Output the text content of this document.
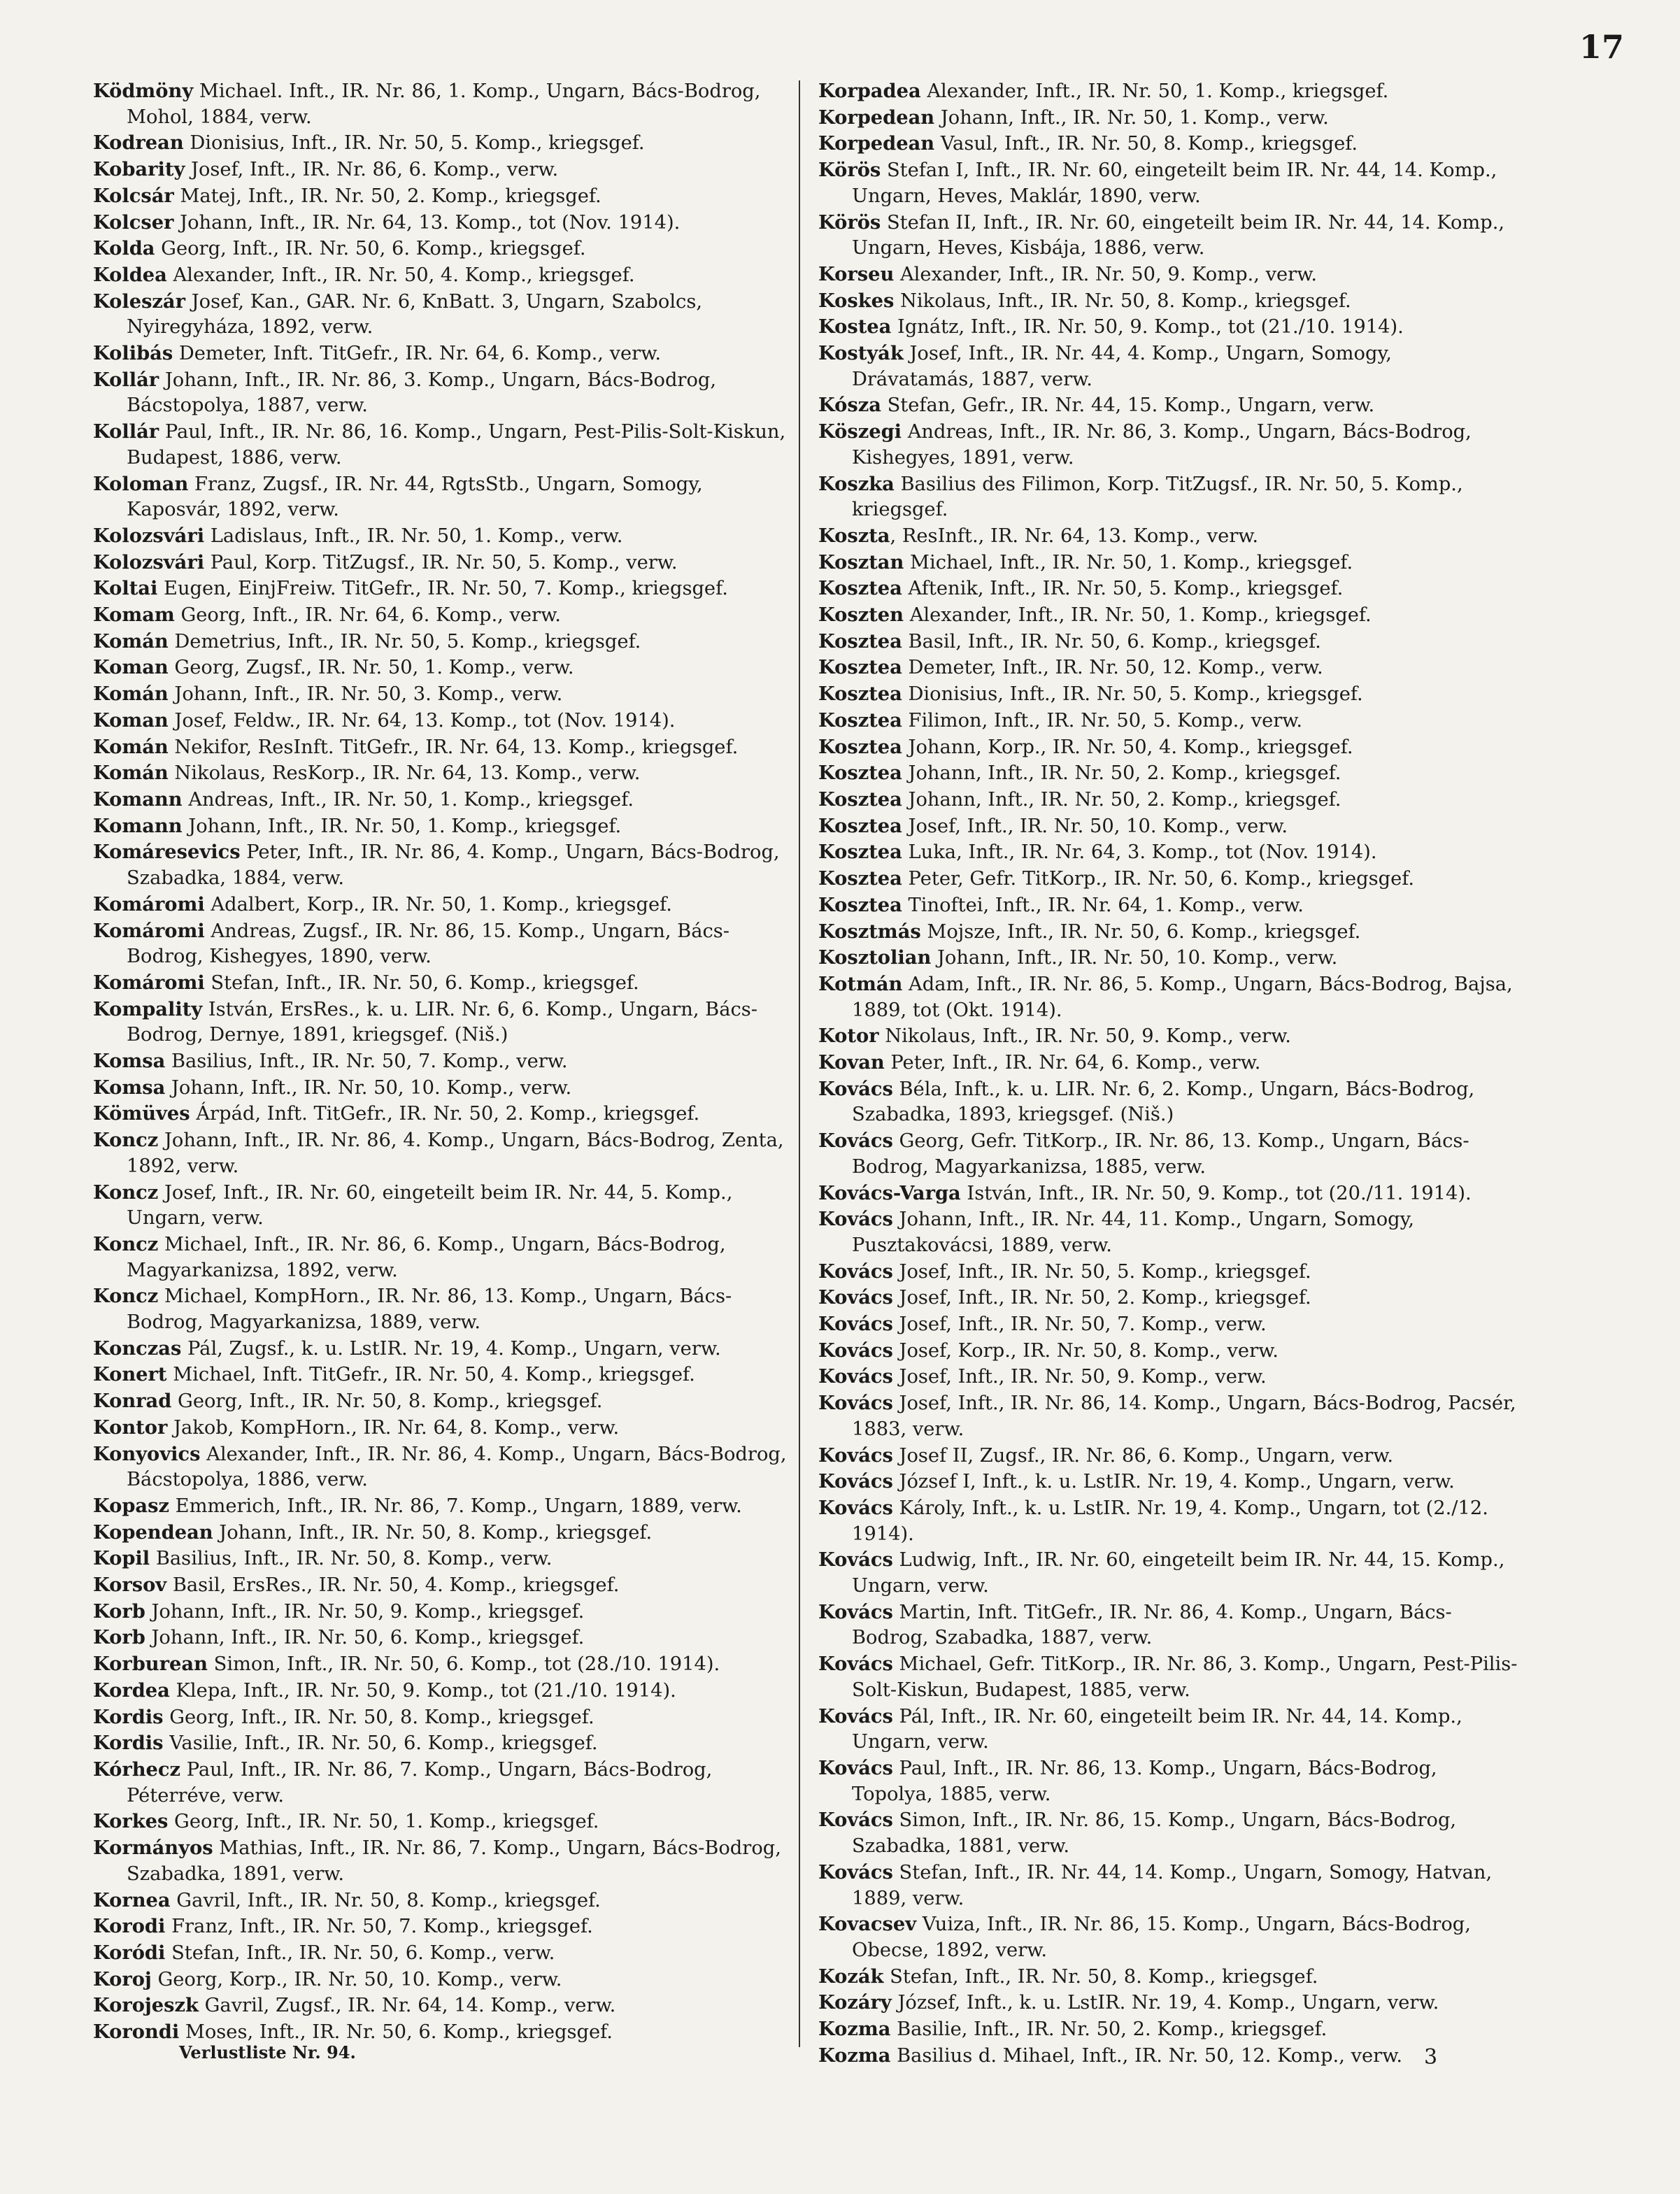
17
Ködmöny Michael. Inft., IR. Nr. 86, 1. Komp., Ungarn, Bács-Bodrog, Mohol, 1884, verw.
Kodrean Dionisius, Inft., IR. Nr. 50, 5. Komp., kriegsgef.
Kobarity Josef, Inft., IR. Nr. 86, 6. Komp., verw.
Kolcsár Matej, Inft., IR. Nr. 50, 2. Komp., kriegsgef.
Kolcser Johann, Inft., IR. Nr. 64, 13. Komp., tot (Nov. 1914).
Kolda Georg, Inft., IR. Nr. 50, 6. Komp., kriegsgef.
Koldea Alexander, Inft., IR. Nr. 50, 4. Komp., kriegsgef.
Koleszár Josef, Kan., GAR. Nr. 6, KnBatt. 3, Ungarn, Szabolcs, Nyiregyháza, 1892, verw.
Kolibás Demeter, Inft. TitGefr., IR. Nr. 64, 6. Komp., verw.
Kollár Johann, Inft., IR. Nr. 86, 3. Komp., Ungarn, Bács-Bodrog, Bácstopolya, 1887, verw.
Kollár Paul, Inft., IR. Nr. 86, 16. Komp., Ungarn, Pest-Pilis-Solt-Kiskun, Budapest, 1886, verw.
Koloman Franz, Zugsf., IR. Nr. 44, RgtsStb., Ungarn, Somogy, Kaposvár, 1892, verw.
Kolozsvári Ladislaus, Inft., IR. Nr. 50, 1. Komp., verw.
Kolozsvári Paul, Korp. TitZugsf., IR. Nr. 50, 5. Komp., verw.
Koltai Eugen, EinjFreiw. TitGefr., IR. Nr. 50, 7. Komp., kriegsgef.
Komam Georg, Inft., IR. Nr. 64, 6. Komp., verw.
Komán Demetrius, Inft., IR. Nr. 50, 5. Komp., kriegsgef.
Koman Georg, Zugsf., IR. Nr. 50, 1. Komp., verw.
Komán Johann, Inft., IR. Nr. 50, 3. Komp., verw.
Koman Josef, Feldw., IR. Nr. 64, 13. Komp., tot (Nov. 1914).
Komán Nekifor, ResInft. TitGefr., IR. Nr. 64, 13. Komp., kriegsgef.
Komán Nikolaus, ResKorp., IR. Nr. 64, 13. Komp., verw.
Komann Andreas, Inft., IR. Nr. 50, 1. Komp., kriegsgef.
Komann Johann, Inft., IR. Nr. 50, 1. Komp., kriegsgef.
Komáresevics Peter, Inft., IR. Nr. 86, 4. Komp., Ungarn, Bács-Bodrog, Szabadka, 1884, verw.
Komáromi Adalbert, Korp., IR. Nr. 50, 1. Komp., kriegsgef.
Komáromi Andreas, Zugsf., IR. Nr. 86, 15. Komp., Ungarn, Bács-Bodrog, Kishegyes, 1890, verw.
Komáromi Stefan, Inft., IR. Nr. 50, 6. Komp., kriegsgef.
Kompality István, ErsRes., k. u. LIR. Nr. 6, 6. Komp., Ungarn, Bács-Bodrog, Dernye, 1891, kriegsgef. (Niš.)
Komsa Basilius, Inft., IR. Nr. 50, 7. Komp., verw.
Komsa Johann, Inft., IR. Nr. 50, 10. Komp., verw.
Kömüves Árpád, Inft. TitGefr., IR. Nr. 50, 2. Komp., kriegsgef.
Koncz Johann, Inft., IR. Nr. 86, 4. Komp., Ungarn, Bács-Bodrog, Zenta, 1892, verw.
Koncz Josef, Inft., IR. Nr. 60, eingeteilt beim IR. Nr. 44, 5. Komp., Ungarn, verw.
Koncz Michael, Inft., IR. Nr. 86, 6. Komp., Ungarn, Bács-Bodrog, Magyarkanizsa, 1892, verw.
Koncz Michael, KompHorn., IR. Nr. 86, 13. Komp., Ungarn, Bács-Bodrog, Magyarkanizsa, 1889, verw.
Konczas Pál, Zugsf., k. u. LstIR. Nr. 19, 4. Komp., Ungarn, verw.
Konert Michael, Inft. TitGefr., IR. Nr. 50, 4. Komp., kriegsgef.
Konrad Georg, Inft., IR. Nr. 50, 8. Komp., kriegsgef.
Kontor Jakob, KompHorn., IR. Nr. 64, 8. Komp., verw.
Konyovics Alexander, Inft., IR. Nr. 86, 4. Komp., Ungarn, Bács-Bodrog, Bácstopolya, 1886, verw.
Kopasz Emmerich, Inft., IR. Nr. 86, 7. Komp., Ungarn, 1889, verw.
Kopendean Johann, Inft., IR. Nr. 50, 8. Komp., kriegsgef.
Kopil Basilius, Inft., IR. Nr. 50, 8. Komp., verw.
Korsov Basil, ErsRes., IR. Nr. 50, 4. Komp., kriegsgef.
Korb Johann, Inft., IR. Nr. 50, 9. Komp., kriegsgef.
Korb Johann, Inft., IR. Nr. 50, 6. Komp., kriegsgef.
Korburean Simon, Inft., IR. Nr. 50, 6. Komp., tot (28./10. 1914).
Kordea Klepa, Inft., IR. Nr. 50, 9. Komp., tot (21./10. 1914).
Kordis Georg, Inft., IR. Nr. 50, 8. Komp., kriegsgef.
Kordis Vasilie, Inft., IR. Nr. 50, 6. Komp., kriegsgef.
Kórhecz Paul, Inft., IR. Nr. 86, 7. Komp., Ungarn, Bács-Bodrog, Péterréve, verw.
Korkes Georg, Inft., IR. Nr. 50, 1. Komp., kriegsgef.
Kormányos Mathias, Inft., IR. Nr. 86, 7. Komp., Ungarn, Bács-Bodrog, Szabadka, 1891, verw.
Kornea Gavril, Inft., IR. Nr. 50, 8. Komp., kriegsgef.
Korodi Franz, Inft., IR. Nr. 50, 7. Komp., kriegsgef.
Koródi Stefan, Inft., IR. Nr. 50, 6. Komp., verw.
Koroj Georg, Korp., IR. Nr. 50, 10. Komp., verw.
Korojeszk Gavril, Zugsf., IR. Nr. 64, 14. Komp., verw.
Korondi Moses, Inft., IR. Nr. 50, 6. Komp., kriegsgef.
Korpadea Alexander, Inft., IR. Nr. 50, 1. Komp., kriegsgef.
Korpedean Johann, Inft., IR. Nr. 50, 1. Komp., verw.
Korpedean Vasul, Inft., IR. Nr. 50, 8. Komp., kriegsgef.
Körös Stefan I, Inft., IR. Nr. 60, eingeteilt beim IR. Nr. 44, 14. Komp., Ungarn, Heves, Maklár, 1890, verw.
Körös Stefan II, Inft., IR. Nr. 60, eingeteilt beim IR. Nr. 44, 14. Komp., Ungarn, Heves, Kisbája, 1886, verw.
Korseu Alexander, Inft., IR. Nr. 50, 9. Komp., verw.
Koskes Nikolaus, Inft., IR. Nr. 50, 8. Komp., kriegsgef.
Kostea Ignátz, Inft., IR. Nr. 50, 9. Komp., tot (21./10. 1914).
Kostyák Josef, Inft., IR. Nr. 44, 4. Komp., Ungarn, Somogy, Drávatamás, 1887, verw.
Kósza Stefan, Gefr., IR. Nr. 44, 15. Komp., Ungarn, verw.
Köszegi Andreas, Inft., IR. Nr. 86, 3. Komp., Ungarn, Bács-Bodrog, Kishegyes, 1891, verw.
Koszka Basilius des Filimon, Korp. TitZugsf., IR. Nr. 50, 5. Komp., kriegsgef.
Koszta, ResInft., IR. Nr. 64, 13. Komp., verw.
Kosztan Michael, Inft., IR. Nr. 50, 1. Komp., kriegsgef.
Kosztea Aftenik, Inft., IR. Nr. 50, 5. Komp., kriegsgef.
Koszten Alexander, Inft., IR. Nr. 50, 1. Komp., kriegsgef.
Kosztea Basil, Inft., IR. Nr. 50, 6. Komp., kriegsgef.
Kosztea Demeter, Inft., IR. Nr. 50, 12. Komp., verw.
Kosztea Dionisius, Inft., IR. Nr. 50, 5. Komp., kriegsgef.
Kosztea Filimon, Inft., IR. Nr. 50, 5. Komp., verw.
Kosztea Johann, Korp., IR. Nr. 50, 4. Komp., kriegsgef.
Kosztea Johann, Inft., IR. Nr. 50, 2. Komp., kriegsgef.
Kosztea Johann, Inft., IR. Nr. 50, 2. Komp., kriegsgef.
Kosztea Josef, Inft., IR. Nr. 50, 10. Komp., verw.
Kosztea Luka, Inft., IR. Nr. 64, 3. Komp., tot (Nov. 1914).
Kosztea Peter, Gefr. TitKorp., IR. Nr. 50, 6. Komp., kriegsgef.
Kosztea Tinoftei, Inft., IR. Nr. 64, 1. Komp., verw.
Kosztmás Mojsze, Inft., IR. Nr. 50, 6. Komp., kriegsgef.
Kosztolian Johann, Inft., IR. Nr. 50, 10. Komp., verw.
Kotmán Adam, Inft., IR. Nr. 86, 5. Komp., Ungarn, Bács-Bodrog, Bajsa, 1889, tot (Okt. 1914).
Kotor Nikolaus, Inft., IR. Nr. 50, 9. Komp., verw.
Kovan Peter, Inft., IR. Nr. 64, 6. Komp., verw.
Kovács Béla, Inft., k. u. LIR. Nr. 6, 2. Komp., Ungarn, Bács-Bodrog, Szabadka, 1893, kriegsgef. (Niš.)
Kovács Georg, Gefr. TitKorp., IR. Nr. 86, 13. Komp., Ungarn, Bács-Bodrog, Magyarkanizsa, 1885, verw.
Kovács-Varga István, Inft., IR. Nr. 50, 9. Komp., tot (20./11. 1914).
Kovács Johann, Inft., IR. Nr. 44, 11. Komp., Ungarn, Somogy, Pusztakovácsi, 1889, verw.
Kovács Josef, Inft., IR. Nr. 50, 5. Komp., kriegsgef.
Kovács Josef, Inft., IR. Nr. 50, 2. Komp., kriegsgef.
Kovács Josef, Inft., IR. Nr. 50, 7. Komp., verw.
Kovács Josef, Korp., IR. Nr. 50, 8. Komp., verw.
Kovács Josef, Inft., IR. Nr. 50, 9. Komp., verw.
Kovács Josef, Inft., IR. Nr. 86, 14. Komp., Ungarn, Bács-Bodrog, Pacsér, 1883, verw.
Kovács Josef II, Zugsf., IR. Nr. 86, 6. Komp., Ungarn, verw.
Kovács József I, Inft., k. u. LstIR. Nr. 19, 4. Komp., Ungarn, verw.
Kovács Károly, Inft., k. u. LstIR. Nr. 19, 4. Komp., Ungarn, tot (2./12. 1914).
Kovács Ludwig, Inft., IR. Nr. 60, eingeteilt beim IR. Nr. 44, 15. Komp., Ungarn, verw.
Kovács Martin, Inft. TitGefr., IR. Nr. 86, 4. Komp., Ungarn, Bács-Bodrog, Szabadka, 1887, verw.
Kovács Michael, Gefr. TitKorp., IR. Nr. 86, 3. Komp., Ungarn, Pest-Pilis-Solt-Kiskun, Budapest, 1885, verw.
Kovács Pál, Inft., IR. Nr. 60, eingeteilt beim IR. Nr. 44, 14. Komp., Ungarn, verw.
Kovács Paul, Inft., IR. Nr. 86, 13. Komp., Ungarn, Bács-Bodrog, Topolya, 1885, verw.
Kovács Simon, Inft., IR. Nr. 86, 15. Komp., Ungarn, Bács-Bodrog, Szabadka, 1881, verw.
Kovács Stefan, Inft., IR. Nr. 44, 14. Komp., Ungarn, Somogy, Hatvan, 1889, verw.
Kovacsev Vuiza, Inft., IR. Nr. 86, 15. Komp., Ungarn, Bács-Bodrog, Obecse, 1892, verw.
Kozák Stefan, Inft., IR. Nr. 50, 8. Komp., kriegsgef.
Kozáry József, Inft., k. u. LstIR. Nr. 19, 4. Komp., Ungarn, verw.
Kozma Basilie, Inft., IR. Nr. 50, 2. Komp., kriegsgef.
Kozma Basilius d. Mihael, Inft., IR. Nr. 50, 12. Komp., verw.
Verlustliste Nr. 94.	3
